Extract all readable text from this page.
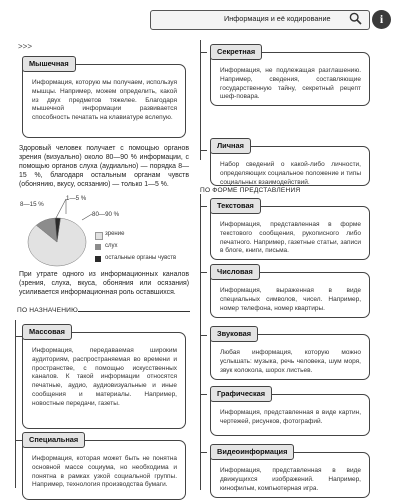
Информация и её кодирование	i
>>>
Мышечная
Информация, которую мы получаем, используя мышцы. Например, можем определить, какой из двух предметов тяжелее. Благодаря мышечной информации развивается способность печатать на клавиатуре вслепую.
Здоровый человек получает с помощью органов зрения (визуально) около 80—90 % информации, с помощью органов слуха (аудиально) — порядка 8—15 %, благодаря остальным органам чувств (обонянию, вкусу, осязанию) — только 1—5 %.
80—90 %
8—15 %
1—5 %
зрение
слух
остальные органы чувств
При утрате одного из информационных каналов (зрения, слуха, вкуса, обоняния или осязания) усиливается информационная роль оставшихся.
ПО НАЗНАЧЕНИЮ
Массовая
Информация, передаваемая широким аудиториям, распространяемая во времени и пространстве, с помощью искусственных каналов. К такой информации относятся печатные, аудио, аудиовизуальные и иные сообщения и материалы. Например, новостные передачи, газеты.
Специальная
Информация, которая может быть не понятна основной массе социума, но необходима и понятна в рамках узкой социальной группы. Например, технология производства бумаги.
Секретная
Информация, не подлежащая разглашению. Например, сведения, составляющие государственную тайну, секретный рецепт шеф-повара.
Личная
Набор сведений о какой-либо личности, определяющих социальное положение и типы социальных взаимодействий.
ПО ФОРМЕ ПРЕДСТАВЛЕНИЯ
Текстовая
Информация, представленная в форме текстового сообщения, рукописного либо печатного. Например, газетные статьи, записи в блоге, книги, письма.
Числовая
Информация, выраженная в виде специальных символов, чисел. Например, номер телефона, номер квартиры.
Звуковая
Любая информация, которую можно услышать: музыка, речь человека, шум моря, звук колокола, шорох листьев.
Графическая
Информация, представленная в виде картин, чертежей, рисунков, фотографий.
Видеоинформация
Информация, представленная в виде движущихся изображений. Например, кинофильм, компьютерная игра.
